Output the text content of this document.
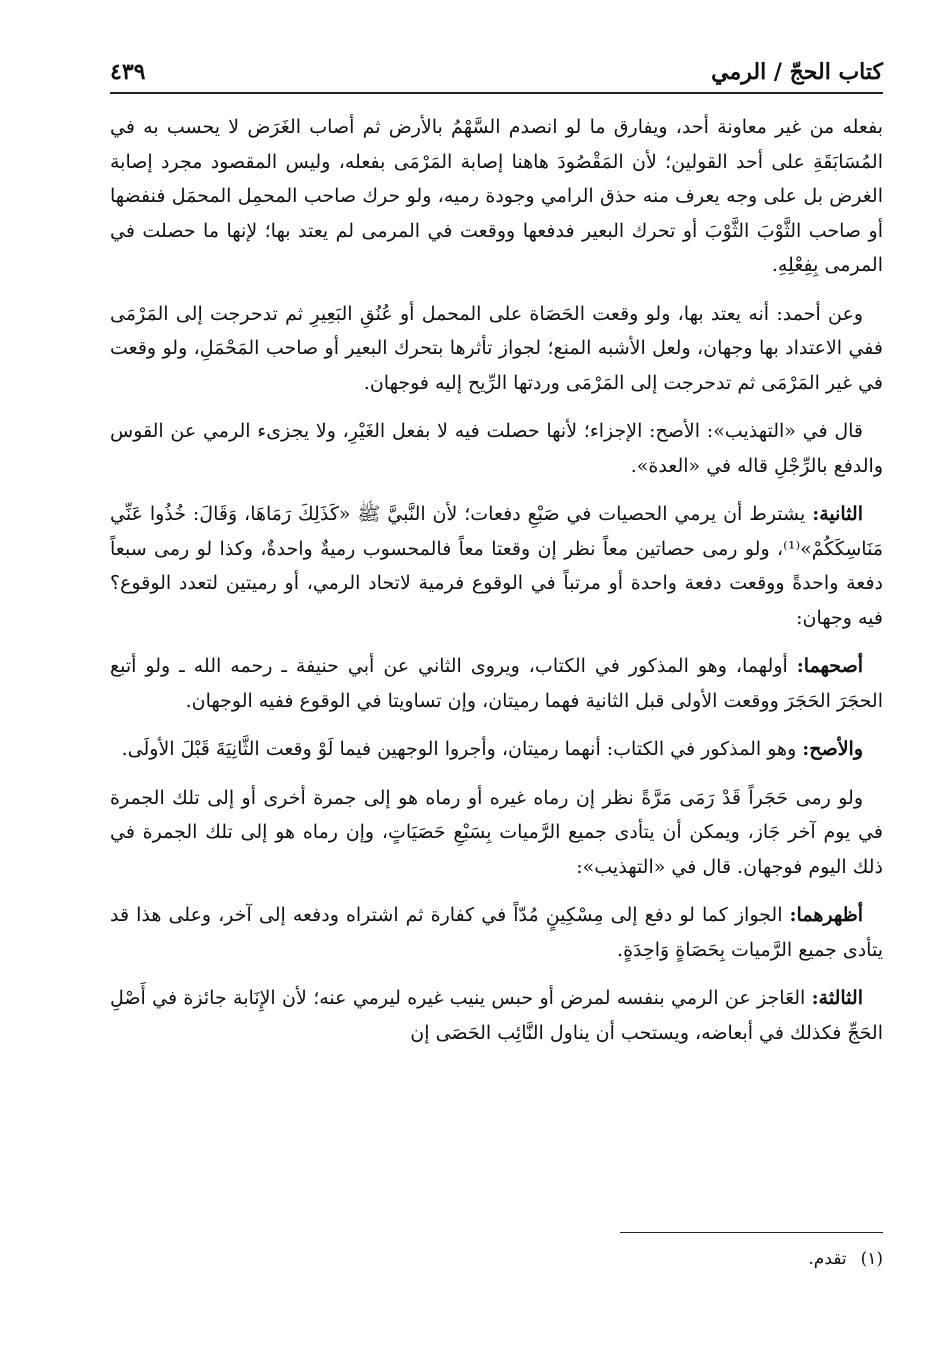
كتاب الحجّ / الرمي
٤٣٩

بفعله من غير معاونة أحد، ويفارق ما لو انصدم السَّهْمُ بالأرض ثم أصاب الغَرَض لا يحسب به في المُسَابَقَةِ على أحد القولين؛ لأن المَقْصُودَ هاهنا إصابة المَرْمَى بفعله، وليس المقصود مجرد إصابة الغرض بل على وجه يعرف منه حذق الرامي وجودة رميه، ولو حرك صاحب المحمِل المحمَل فنفضها أو صاحب الثَّوْبَ الثَّوْبَ أو تحرك البعير فدفعها ووقعت في المرمى لم يعتد بها؛ لإنها ما حصلت في المرمى بِفِعْلِهِ.

وعن أحمد: أنه يعتد بها، ولو وقعت الحَصَاة على المحمل أو عُنُقِ البَعِيرِ ثم تدحرجت إلى المَرْمَى ففي الاعتداد بها وجهان، ولعل الأشبه المنع؛ لجواز تأثرها بتحرك البعير أو صاحب المَحْمَلِ، ولو وقعت في غير المَرْمَى ثم تدحرجت إلى المَرْمَى وردتها الرِّيح إليه فوجهان.

قال في «التهذيب»: الأصح: الإجزاء؛ لأنها حصلت فيه لا بفعل الغَيْرِ، ولا يجزىء الرمي عن القوس والدفع بالرِّجْلِ قاله في «العدة».

الثانية: يشترط أن يرمي الحصيات في صَبْعِ دفعات؛ لأن النَّبيَّ ﷺ «كَذَلِكَ رَمَاهَا، وَقَالَ: خُذُوا عَنِّي مَنَاسِكَكُمْ»⁽¹⁾، ولو رمى حصاتين معاً نظر إن وقعتا معاً فالمحسوب رميةٌ واحدةٌ، وكذا لو رمى سبعاً دفعة واحدةً ووقعت دفعة واحدة أو مرتباً في الوقوع فرمية لاتحاد الرمي، أو رميتين لتعدد الوقوع؟ فيه وجهان:

أصحهما: أولهما، وهو المذكور في الكتاب، ويروى الثاني عن أبي حنيفة ـ رحمه الله ـ ولو أتبع الحجَرَ الحَجَرَ ووقعت الأولى قبل الثانية فهما رميتان، وإن تساويتا في الوقوع ففيه الوجهان.

والأصح: وهو المذكور في الكتاب: أنهما رميتان، وأجروا الوجهين فيما لَوْ وقعت الثَّانِيَةَ قَبْلَ الأولَى.

ولو رمى حَجَراً قَدْ رَمَى مَرَّةً نظر إن رماه غيره أو رماه هو إلى جمرة أخرى أو إلى تلك الجمرة في يوم آخر جَاز، ويمكن أن يتأدى جميع الرَّميات بِسَبْعِ حَصَيَاتٍ، وإن رماه هو إلى تلك الجمرة في ذلك اليوم فوجهان. قال في «التهذيب»:

أظهرهما: الجواز كما لو دفع إلى مِسْكِينٍ مُدّاً في كفارة ثم اشتراه ودفعه إلى آخر، وعلى هذا قد يتأدى جميع الرَّميات بِحَصَاةٍ وَاحِدَةٍ.

الثالثة: العَاجز عن الرمي بنفسه لمرض أو حبس ينيب غيره ليرمي عنه؛ لأن الإِنَابة جائزة في أَصْلِ الحَجِّ فكذلك في أبعاضه، ويستحب أن يناول النَّائِب الحَصَى إن

(١)تقدم.
